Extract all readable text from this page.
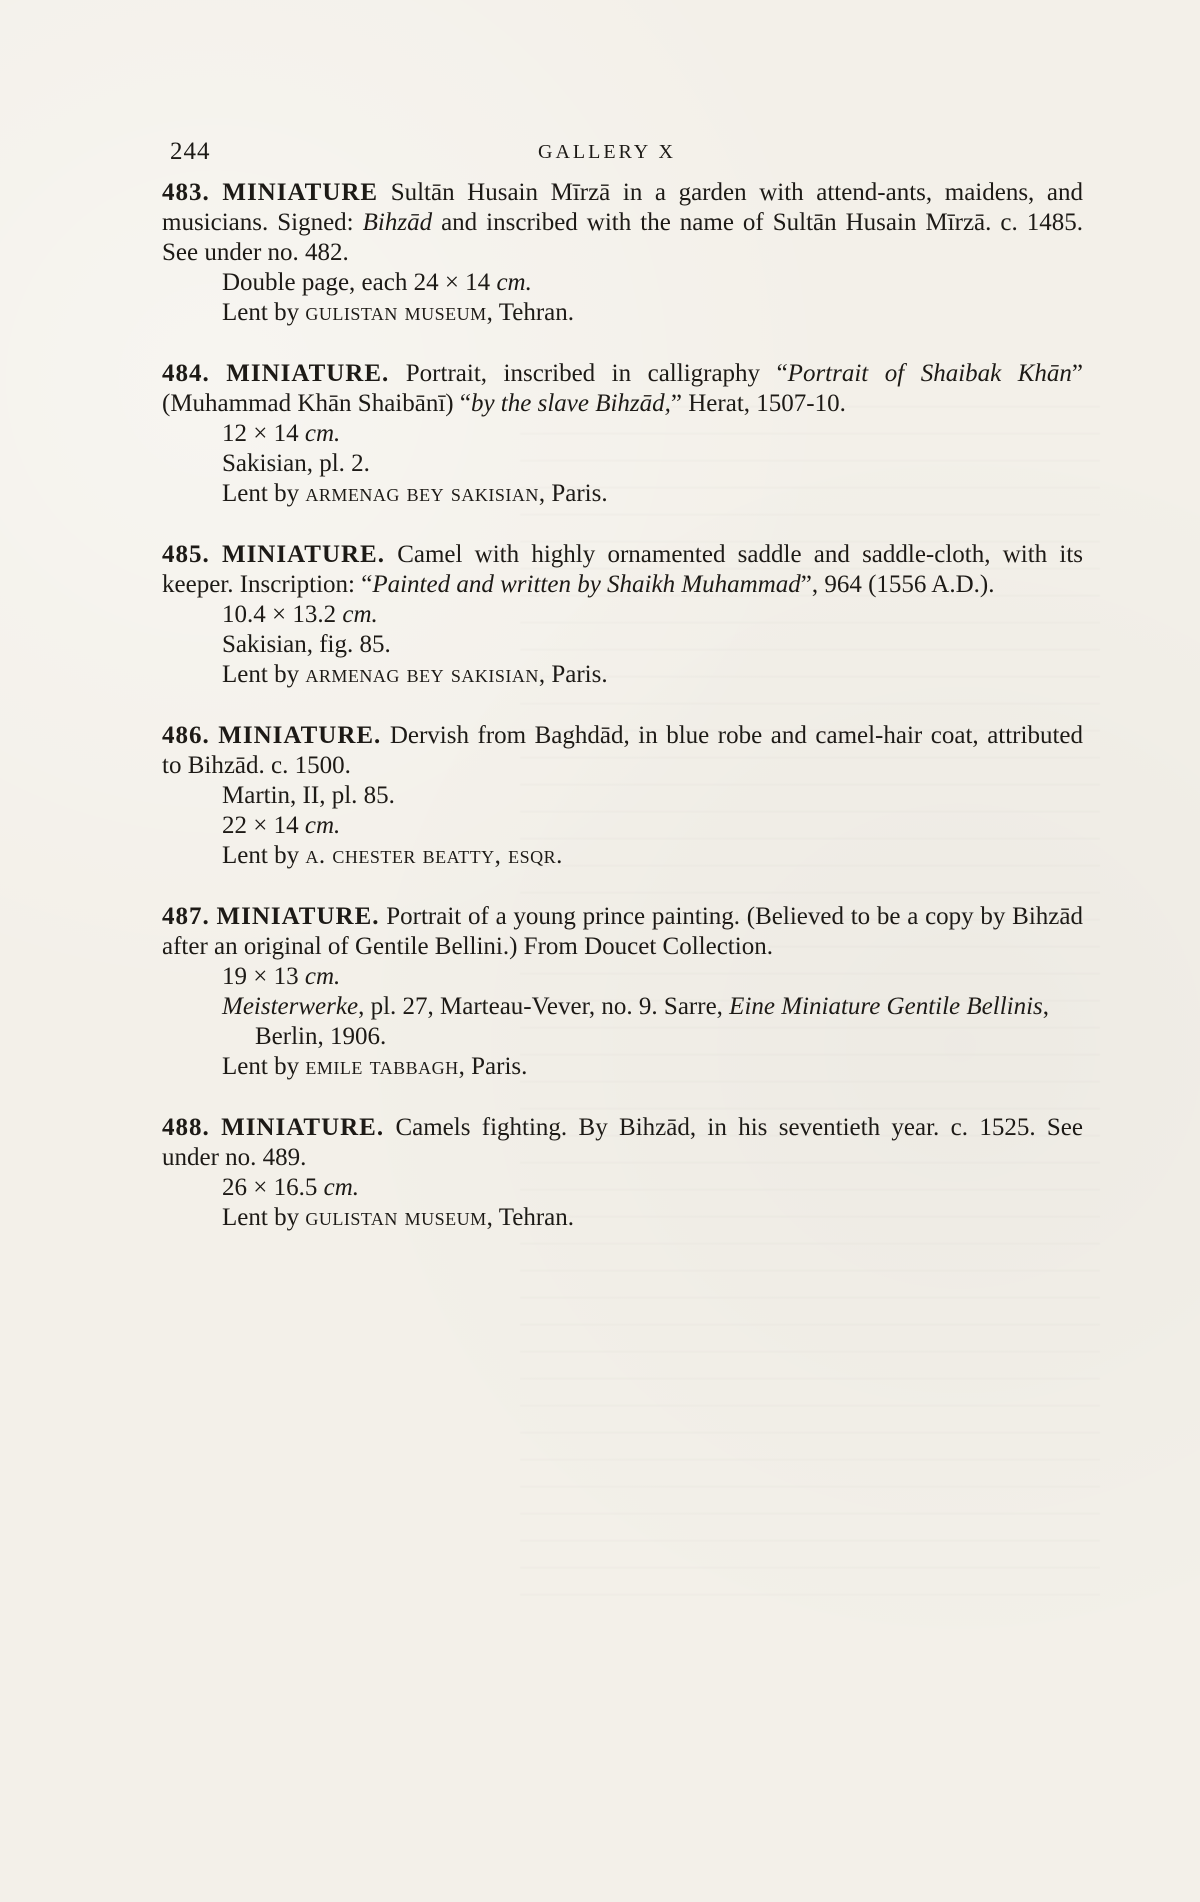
244	GALLERY X

483. MINIATURE Sultān Husain Mīrzā in a garden with attend-ants, maidens, and musicians. Signed: Bihzād and inscribed with the name of Sultān Husain Mīrzā. c. 1485. See under no. 482.

Double page, each 24 × 14 cm.

Lent by gulistan museum, Tehran.

484. MINIATURE. Portrait, inscribed in calligraphy “Portrait of Shaibak Khān” (Muhammad Khān Shaibānī) “by the slave Bihzād,” Herat, 1507-10.

12 × 14 cm.

Sakisian, pl. 2.

Lent by armenag bey sakisian, Paris.

485. MINIATURE. Camel with highly ornamented saddle and saddle-cloth, with its keeper. Inscription: “Painted and written by Shaikh Muhammad”, 964 (1556 A.D.).

10.4 × 13.2 cm.

Sakisian, fig. 85.

Lent by armenag bey sakisian, Paris.

486. MINIATURE. Dervish from Baghdād, in blue robe and camel-hair coat, attributed to Bihzād. c. 1500.

Martin, II, pl. 85.

22 × 14 cm.

Lent by a. chester beatty, esqr.

487. MINIATURE. Portrait of a young prince painting. (Believed to be a copy by Bihzād after an original of Gentile Bellini.) From Doucet Collection.

19 × 13 cm.

Meisterwerke, pl. 27, Marteau-Vever, no. 9. Sarre, Eine Miniature Gentile Bellinis, Berlin, 1906.

Lent by emile tabbagh, Paris.

488. MINIATURE. Camels fighting. By Bihzād, in his seventieth year. c. 1525. See under no. 489.

26 × 16.5 cm.

Lent by gulistan museum, Tehran.
